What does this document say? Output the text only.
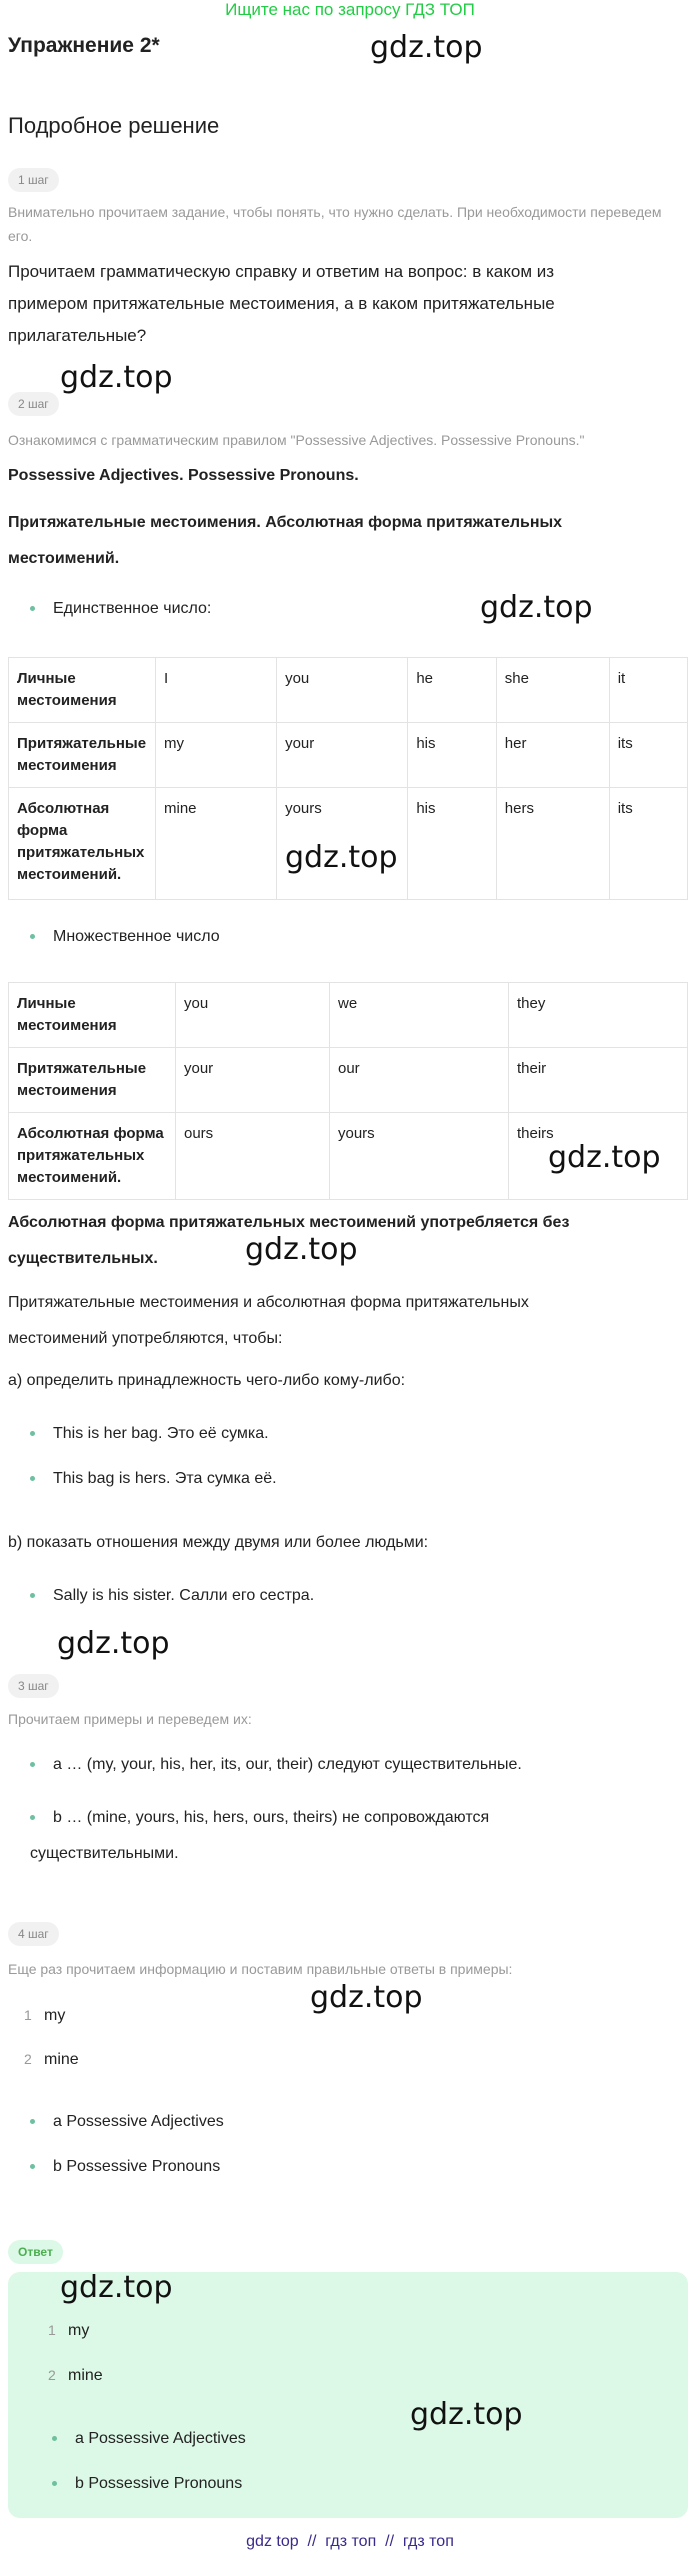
Ищите нас по запросу ГДЗ ТОП
Упражнение 2*	gdz.top
Подробное решение
1 шаг
Внимательно прочитаем задание, чтобы понять, что нужно сделать. При необходимости переведем его.
Прочитаем грамматическую справку и ответим на вопрос: в каком из примером притяжательные местоимения, а в каком притяжательные прилагательные?
gdz.top
2 шаг
Ознакомимся с грамматическим правилом "Possessive Adjectives. Possessive Pronouns."
Possessive Adjectives. Possessive Pronouns.
Притяжательные местоимения. Абсолютная форма притяжательных местоимений.
Единственное число:	gdz.top
Личные местоимения	I	you	he	she	it
Притяжательные местоимения	my	your	his	her	its
Абсолютная форма притяжательных местоимений.	mine	yours	his	hers	its
gdz.top
Множественное число
Личные местоимения	you	we	they
Притяжательные местоимения	your	our	their
Абсолютная форма притяжательных местоимений.	ours	yours	theirs
gdz.top
Абсолютная форма притяжательных местоимений употребляется без существительных.	gdz.top
Притяжательные местоимения и абсолютная форма притяжательных местоимений употребляются, чтобы:
а) определить принадлежность чего-либо кому-либо:
This is her bag. Это её сумка.
This bag is hers. Эта сумка её.
b) показать отношения между двумя или более людьми:
Sally is his sister. Салли его сестра.
gdz.top
3 шаг
Прочитаем примеры и переведем их:
a … (my, your, his, her, its, our, their) следуют существительные.
b … (mine, yours, his, hers, ours, theirs) не сопровождаются существительными.
4 шаг
Еще раз прочитаем информацию и поставим правильные ответы в примеры:
gdz.top
1 my
2 mine
a Possessive Adjectives
b Possessive Pronouns
Ответ
gdz.top
1 my
2 mine
gdz.top
a Possessive Adjectives
b Possessive Pronouns
gdz top  //  гдз топ  //  гдз топ
